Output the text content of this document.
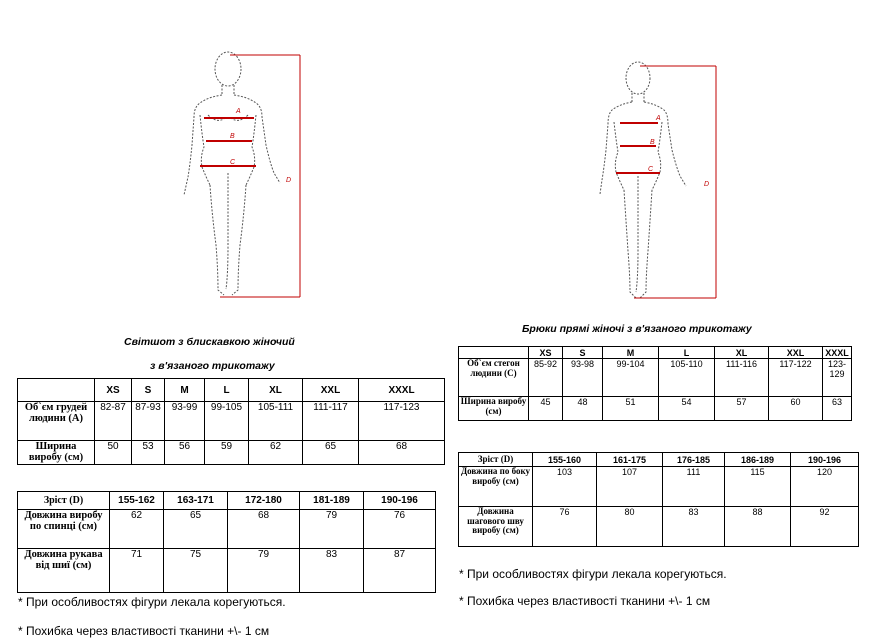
A
B
C
D
A
B
C
D
Світшот з блискавкою жіночий
з в'язаного трикотажу
	XS	S	M	L	XL	XXL	XXXL
Об`єм грудей людини (A)	82-87	87-93	93-99	99-105	105-111	111-117	117-123
Ширина виробу (см)	50	53	56	59	62	65	68
Зріст (D)	155-162	163-171	172-180	181-189	190-196
Довжина виробу по спинці (см)	62	65	68	79	76
Довжина рукава від шиї (см)	71	75	79	83	87
* При особливостях фігури лекала корегуються.
* Похибка через властивості тканини +\- 1 см
Брюки прямі жіночі з в'язаного трикотажу
	XS	S	M	L	XL	XXL	XXXL
Об`єм стегон людини (C)	85-92	93-98	99-104	105-110	111-116	117-122	123-129
Ширина виробу (см)	45	48	51	54	57	60	63
Зріст (D)	155-160	161-175	176-185	186-189	190-196
Довжина по боку виробу (см)	103	107	111	115	120
Довжина шагового шву виробу (см)	76	80	83	88	92
* При особливостях фігури лекала корегуються.
* Похибка через властивості тканини +\- 1 см
